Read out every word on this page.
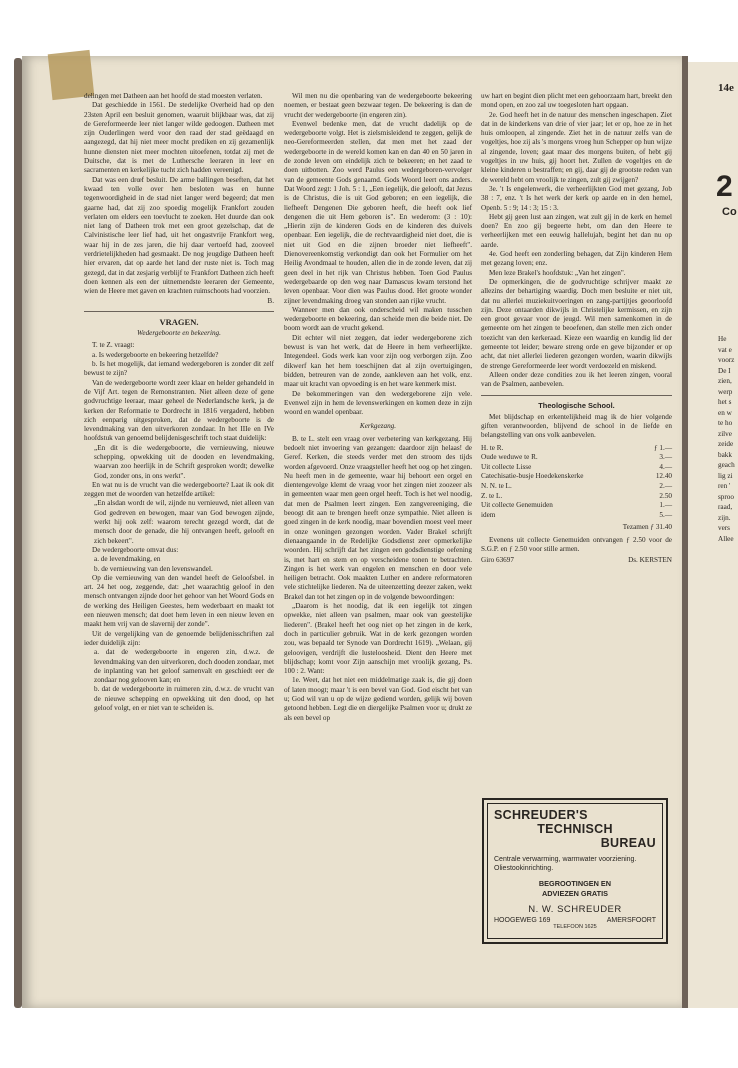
14e
2
Co
He
vat e
voorz
De I
zien,
werp
het s
en w
te ho
zilve
zeide
bakk
geach
lig zi
ren '
sproo
raad,
zijn.
vers
Allee

delingen met Datheen aan het hoofd de stad moesten verlaten.

Dat geschiedde in 1561. De stedelijke Overheid had op den 23sten April een besluit genomen, waaruit blijkbaar was, dat zij de Gereformeerde leer niet langer wilde gedoogen. Datheen met zijn Ouderlingen werd voor den raad der stad geëdaagd en aangezegd, dat hij niet meer mocht prediken en zij gezamenlijk hunne diensten niet meer mochten uitoefenen, totdat zij met de Duitsche, dat is met de Luthersche leeraren in leer en sacramenten en kerkelijke tucht zich hadden vereenigd.

Dat was een drœf besluit. De arme ballingen beseften, dat het kwaad ten volle over hen besloten was en hunne tegenwoordigheid in de stad niet langer werd begeerd; dat men gaarne had, dat zij zoo spoedig mogelijk Frankfort zouden verlaten om elders een toevlucht te zoeken. Het duurde dan ook niet lang of Datheen trok met een groot gezelschap, dat de Calvinistische leer lief had, uit het ongastvrije Frankfort weg, waar hij in de zes jaren, die hij daar vertoefd had, zooveel verdrietelijkheden had gesmaakt. De nog jeugdige Datheen heeft hier ervaren, dat op aarde het land der ruste niet is. Toch mag gezegd, dat in dat zesjarig verblijf te Frankfort Datheen zich heeft doen kennen als een der uitnemendste leeraren der Gemeente, wien de Heere met gaven en krachten ruimschoots had voorzien.

B.

VRAGEN.

Wedergeboorte en bekeering.

T. te Z. vraagt:

a. Is wedergeboorte en bekeering hetzelfde?

b. Is het mogelijk, dat iemand wedergeboren is zonder dit zelf bewust te zijn?

Van de wedergeboorte wordt zeer klaar en helder gehandeld in de Vijf Art. tegen de Remonstranten. Niet alleen deze of gene godvruchtige leeraar, maar geheel de Nederlandsche kerk, ja de kerken der Reformatie te Dordrecht in 1816 vergaderd, hebben zich eenparig uitgesproken, dat de wedergeboorte is de levendmaking van den uitverkoren zondaar. In het IIIe en IVe hoofdstuk van genoemd belijdenisgeschrift toch staat duidelijk:

„En dit is die wedergeboorte, die vernieuwing, nieuwe schepping, opwekking uit de dooden en levendmaking, waarvan zoo heerlijk in de Schrift gesproken wordt; dewelke God, zonder ons, in ons werkt".

En wat nu is de vrucht van die wedergeboorte? Laat ik ook dit zeggen met de woorden van hetzelfde artikel:

„En alsdan wordt de wil, zijnde nu vernieuwd, niet alleen van God gedreven en bewogen, maar van God bewogen zijnde, werkt hij ook zelf: waarom terecht gezegd wordt, dat de mensch door de genade, die hij ontvangen heeft, gelooft en zich bekeert".

De wedergeboorte omvat dus:

a. de levendmaking, en

b. de vernieuwing van den levenswandel.

Op die vernieuwing van den wandel heeft de Geloofsbel. in art. 24 het oog, zeggende, dat: „het waarachtig geloof in den mensch ontvangen zijnde door het gehoor van het Woord Gods en de werking des Heiligen Geestes, hem wederbaart en maakt tot een nieuwen mensch; dat doet hem leven in een nieuw leven en maakt hem vrij van de slavernij der zonde".

Uit de vergelijking van de genoemde belijdenisschriften zal ieder duidelijk zijn:

a. dat de wedergeboorte in engeren zin, d.w.z. de levendmaking van den uitverkoren, doch dooden zondaar, met de inplanting van het geloof samenvalt en geschiedt eer de zondaar nog gelooven kan; en

b. dat de wedergeboorte in ruimeren zin, d.w.z. de vrucht van de nieuwe schepping en opwekking uit den dood, op het geloof volgt, en er niet van te scheiden is.

Wil men nu die openbaring van de wedergeboorte bekeering noemen, er bestaat geen bezwaar tegen. De bekeering is dan de vrucht der wedergeboorte (in engeren zin).

Evenwel bedenke men, dat de vrucht dadelijk op de wedergeboorte volgt. Het is zielsmisleidend te zeggen, gelijk de neo-Gereformeerden stellen, dat men met het zaad der wedergeboorte in de wereld komen kan en dan 40 en 50 jaren in de zonde leven om eindelijk zich te bekeeren; en het zaad te doen uitbotten. Zoo werd Paulus een wedergeboren-vervolger van de gemeente Gods genaamd. Gods Woord leert ons anders. Dat Woord zegt: 1 Joh. 5 : 1, „Een iegelijk, die gelooft, dat Jezus is de Christus, die is uit God geboren; en een iegelijk, die liefheeft Dengenen Die geboren heeft, die heeft ook lief dengenen die uit Hem geboren is". En wederom: (3 : 10): „Hierin zijn de kinderen Gods en de kinderen des duivels openbaar. Een iegelijk, die de rechtvaardigheid niet doet, die is niet uit God en die zijnen broeder niet liefheeft". Dienovereenkomstig verkondigt dan ook het Formulier om het Heilig Avondmaal te houden, allen die in de zonde leven, dat zij geen deel in het rijk van Christus hebben. Toen God Paulus wedergebaarde op den weg naar Damascus kwam terstond het leven openbaar. Voor dien was Paulus dood. Het groote wonder zijner levendmaking droeg van stonden aan rijke vrucht.

Wanneer men dan ook onderscheid wil maken tusschen wedergeboorte en bekeering, dan scheide men die beide niet. De boom wordt aan de vrucht gekend.

Dit echter wil niet zeggen, dat ieder wedergeborene zich bewust is van het werk, dat de Heere in hem verheerlijkte. Integendeel. Gods werk kan voor zijn oog verborgen zijn. Zoo dikwerf kan het hem toeschijnen dat al zijn overtuigingen, bidden, betreuren van de zonde, aankleven aan het volk, enz. maar uit kracht van opvoeding is en het ware kenmerk mist.

De bekommeringen van den wedergeborene zijn vele. Evenwel zijn in hem de levenswerkingen en komen deze in zijn woord en wandel openbaar.

Kerkgezang.

B. te L. stelt een vraag over verbetering van kerkgezang. Hij bedoelt niet invoering van gezangen: daardoor zijn helaas! de Geref. Kerken, die steeds verder met den stroom des tijds worden afgevoerd. Onze vraagsteller heeft het oog op het zingen. Nu heeft men in de gemeente, waar hij behoort een orgel en dientengevolge klemt de vraag voor het zingen niet zoozeer als in gemeenten waar men geen orgel heeft. Toch is het wel noodig, dat men de Psalmen leert zingen. Een zangvereeniging, die beoogt dit aan te brengen heeft onze sympathie. Niet alleen is goed zingen in de kerk noodig, maar bovendien moest veel meer in onze woningen gezongen worden. Vader Brakel schrijft dienaangaande in de Redelijke Godsdienst zeer opmerkelijke woorden. Hij schrijft dat het zingen een godsdienstige oefening is, met hart en stem en op verscheidene tonen te betrachten. Zingen is het werk van engelen en menschen en door vele heiligen betracht. Ook maakten Luther en andere reformatoren vele stichtelijke liederen. Na de uiteenzetting deezer zaken, wekt Brakel dan tot het zingen op in de volgende bewoordingen:

„Daarom is het noodig, dat ik een iegelijk tot zingen opwekke, niet alleen van psalmen, maar ook van geestelijke liederen". (Brakel heeft het oog niet op het zingen in de kerk, doch in particulier gebruik. Wat in de kerk gezongen worden zou, was bepaald ter Synode van Dordrecht 1619). „Welaan, gij geloovigen, verdrijft die lusteloosheid. Dient den Heere met blijdschap; komt voor Zijn aanschijn met vroolijk gezang, Ps. 100 : 2. Want:

1e. Weet, dat het niet een middelmatige zaak is, die gij doen of laten moogt; maar 't is een bevel van God. God eischt het van u; God wil van u op de wijze gediend worden, gelijk wij boven getoond hebben. Legt die en diergelijke Psalmen voor u; drukt ze als een bevel op

uw hart en begint dien plicht met een gehoorzaam hart, breekt den mond open, en zoo zal uw toegesloten hart opgaan.

2e. God heeft het in de natuur des menschen ingeschapen. Ziet dat in de kinderkens van drie of vier jaar; let er op, hoe ze in het huis omloopen, al zingende. Ziet het in de natuur zelfs van de vogeltjes, hoe zij als 's morgens vroeg hun Schepper op hun wijze al zingende, loven; gaat maar des morgens buiten, of hebt gij vogeltjes in uw huis, gij hoort het. Zullen de vogeltjes en de kleine kinderen u bestraffen; en gij, daar gij de grootste reden van de wereld hebt om vroolijk te zingen, zult gij zwijgen?

3e. 't Is engelenwerk, die verheerlijkten God met gezang, Job 38 : 7, enz. 't Is het werk der kerk op aarde en in den hemel, Openb. 5 : 9; 14 : 3; 15 : 3.

Hebt gij geen lust aan zingen, wat zult gij in de kerk en hemel doen? En zoo gij begeerte hebt, om dan den Heere te verheerlijken met een eeuwig hallelujah, begint het dan nu op aarde.

4e. God heeft een zonderling behagen, dat Zijn kinderen Hem met gezang loven; enz.

Men leze Brakel's hoofdstuk: „Van het zingen".

De opmerkingen, die de godvruchtige schrijver maakt ze allezins der behartiging waardig. Doch men besluite er niet uit, dat nu allerlei muziekuitvoeringen en zang-partijtjes geoorloofd zijn. Deze ontaarden dikwijls in Christelijke kermissen, en zijn een groot gevaar voor de jeugd. Wil men samenkomen in de gemeente om het zingen te beoefenen, dan stelle men zich onder toezicht van den kerkeraad. Kieze een waardig en kundig lid der gemeente tot leider; beware streng orde en geve bijzonder er op acht, dat niet allerlei liederen gezongen worden, waarin dikwijls de strenge Gereformeerde leer wordt verdoezeld en miskend.

Alleen onder deze condities zou ik het leeren zingen, vooral van de Psalmen, aanbevelen.

Theologische School.

Met blijdschap en erkentelijkheid mag ik de hier volgende giften verantwoorden, blijvend de school in de liefde en belangstelling van ons volk aanbevelen.

H. te R.	ƒ 1.—
Oude weduwe te R.	3.—
Uit collecte Lisse	4.—
Catechisatie-busje Hoedekenskerke	12.40
N. N. te L.	2.—
Z. te L.	2.50
Uit collecte Genemuiden	1.—
idem	5.—

Tezamen ƒ 31.40

Evenens uit collecte Genemuiden ontvangen ƒ 2.50 voor de S.G.P. en ƒ 2.50 voor stille armen.

Giro 63697	Ds. KERSTEN
SCHREUDER'S
TECHNISCH
BUREAU
Centrale verwarming, warmwater voorziening. Oliestookinrichting.
BEGROOTINGEN EN
ADVIEZEN GRATIS
N. W. SCHREUDER
HOOGEWEG 169	AMERSFOORT
TELEFOON 1625
